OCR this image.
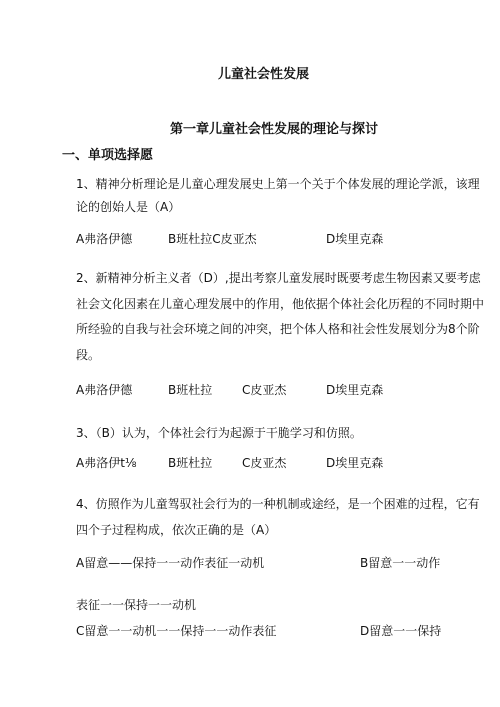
儿童社会性发展
第一章儿童社会性发展的理论与探讨
一、单项选择愿
1、精神分析理论是儿童心理发展史上第一个关于个体发展的理论学派，该理
论的创始人是（A）
A弗洛伊德	B班杜拉C皮亚杰	D埃里克森
2、新精神分析主义者（D）,提出考察儿童发展时既要考虑生物因素又要考虑
社会文化因素在儿童心理发展中的作用，他依据个体社会化历程的不同时期中
所经验的自我与社会环境之间的冲突，把个体人格和社会性发展划分为8个阶
段。
A弗洛伊德	B班杜拉 C皮亚杰	D埃里克森
3、（B）认为，个体社会行为起源于干脆学习和仿照。
A弗洛伊t⅛	B班杜拉 C皮亚杰	D埃里克森
4、仿照作为儿童驾驭社会行为的一种机制或途经，是一个困难的过程，它有
四个子过程构成，依次正确的是（A）
A留意——保持一一动作表征一动机	B留意一一动作
表征一一保持一一动机
C留意一一动机一一保持一一动作表征	D留意一一保持
